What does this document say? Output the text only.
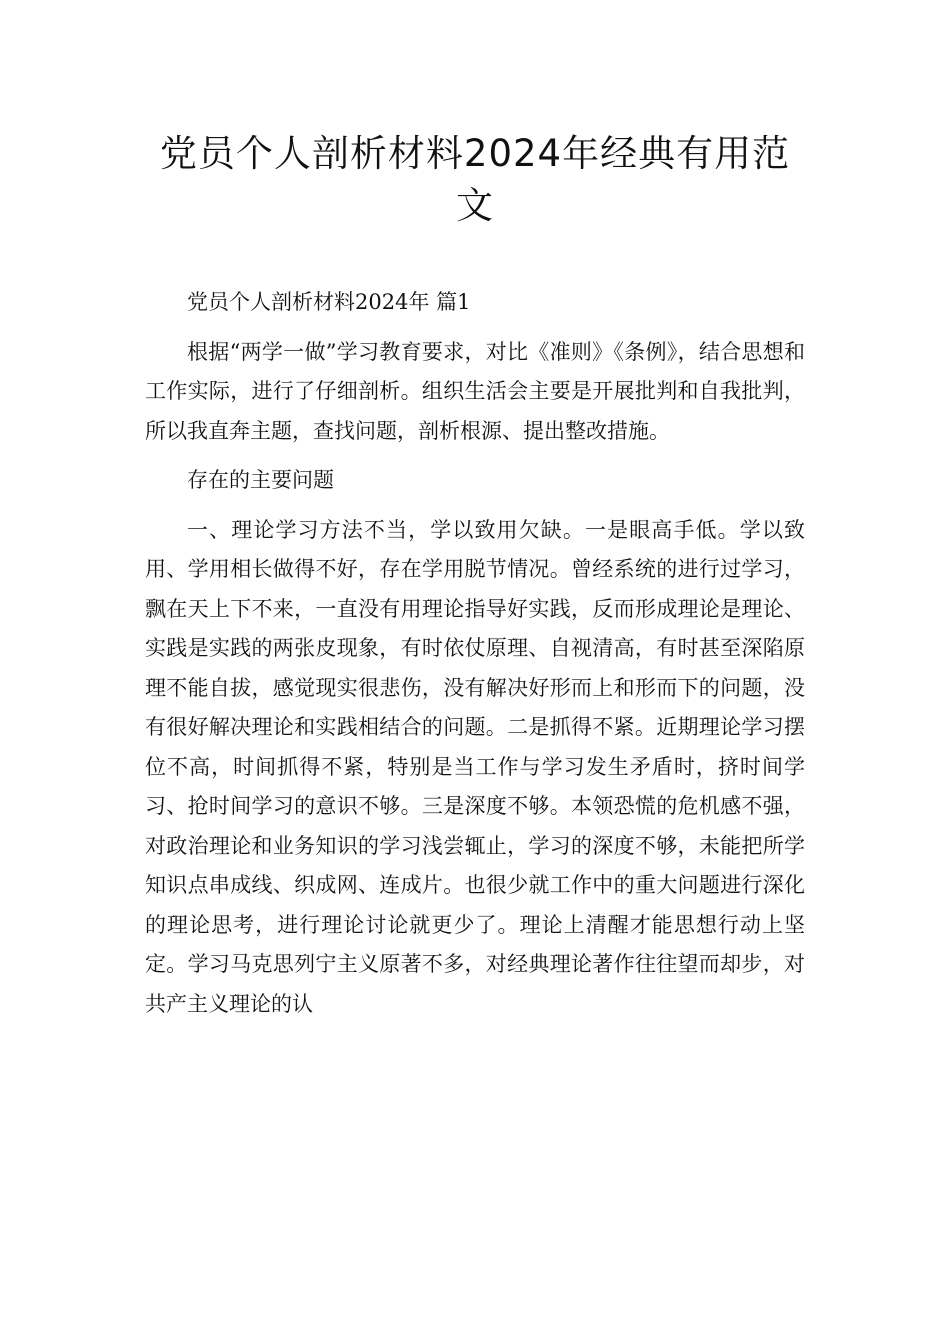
党员个人剖析材料2024年经典有用范文

党员个人剖析材料2024年 篇1

根据“两学一做”学习教育要求，对比《准则》《条例》，结合思想和工作实际，进行了仔细剖析。组织生活会主要是开展批判和自我批判，所以我直奔主题，查找问题，剖析根源、提出整改措施。

存在的主要问题

一、理论学习方法不当，学以致用欠缺。一是眼高手低。学以致用、学用相长做得不好，存在学用脱节情况。曾经系统的进行过学习，飘在天上下不来，一直没有用理论指导好实践，反而形成理论是理论、实践是实践的两张皮现象，有时依仗原理、自视清高，有时甚至深陷原理不能自拔，感觉现实很悲伤，没有解决好形而上和形而下的问题，没有很好解决理论和实践相结合的问题。二是抓得不紧。近期理论学习摆位不高，时间抓得不紧，特别是当工作与学习发生矛盾时，挤时间学习、抢时间学习的意识不够。三是深度不够。本领恐慌的危机感不强，对政治理论和业务知识的学习浅尝辄止，学习的深度不够，未能把所学知识点串成线、织成网、连成片。也很少就工作中的重大问题进行深化的理论思考，进行理论讨论就更少了。理论上清醒才能思想行动上坚定。学习马克思列宁主义原著不多，对经典理论著作往往望而却步，对共产主义理论的认
